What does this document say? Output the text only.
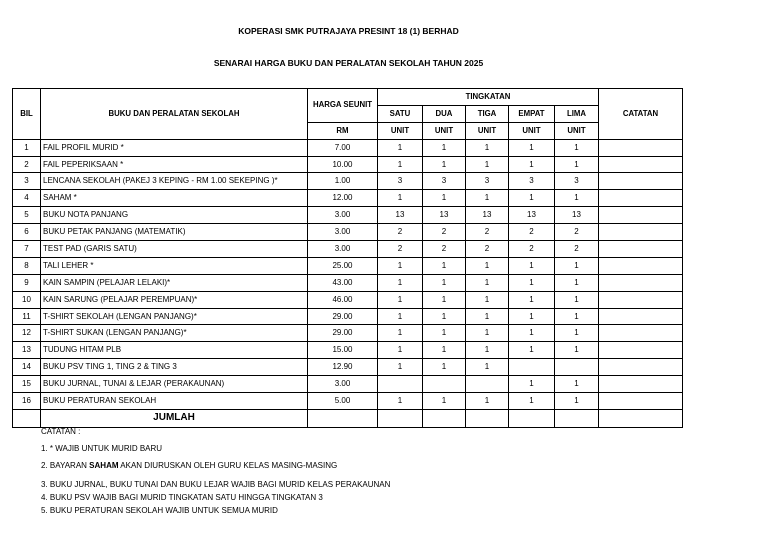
KOPERASI SMK PUTRAJAYA PRESINT 18 (1) BERHAD
SENARAI HARGA BUKU DAN PERALATAN SEKOLAH TAHUN 2025
BIL	BUKU DAN PERALATAN SEKOLAH	HARGA SEUNIT	TINGKATAN					CATATAN
			SATU	DUA	TIGA	EMPAT	LIMA	
		RM	UNIT	UNIT	UNIT	UNIT	UNIT	
1	FAIL PROFIL MURID *	7.00	1	1	1	1	1	
2	FAIL PEPERIKSAAN *	10.00	1	1	1	1	1	
3	LENCANA SEKOLAH (PAKEJ 3 KEPING - RM 1.00 SEKEPING )*	1.00	3	3	3	3	3	
4	SAHAM *	12.00	1	1	1	1	1	
5	BUKU NOTA PANJANG	3.00	13	13	13	13	13	
6	BUKU PETAK PANJANG (MATEMATIK)	3.00	2	2	2	2	2	
7	TEST PAD (GARIS SATU)	3.00	2	2	2	2	2	
8	TALI LEHER *	25.00	1	1	1	1	1	
9	KAIN SAMPIN (PELAJAR LELAKI)*	43.00	1	1	1	1	1	
10	KAIN SARUNG (PELAJAR PEREMPUAN)*	46.00	1	1	1	1	1	
11	T-SHIRT SEKOLAH (LENGAN PANJANG)*	29.00	1	1	1	1	1	
12	T-SHIRT SUKAN (LENGAN PANJANG)*	29.00	1	1	1	1	1	
13	TUDUNG HITAM PLB	15.00	1	1	1	1	1	
14	BUKU PSV TING 1, TING 2 & TING 3	12.90	1	1	1			
15	BUKU JURNAL, TUNAI & LEJAR (PERAKAUNAN)	3.00				1	1	
16	BUKU PERATURAN SEKOLAH	5.00	1	1	1	1	1	
	JUMLAH							
CATATAN :
1. * WAJIB UNTUK MURID BARU
2. BAYARAN SAHAM AKAN DIURUSKAN OLEH GURU KELAS MASING-MASING
3. BUKU JURNAL, BUKU TUNAI DAN BUKU LEJAR WAJIB BAGI MURID KELAS PERAKAUNAN
4. BUKU PSV WAJIB BAGI MURID TINGKATAN SATU HINGGA TINGKATAN 3
5. BUKU PERATURAN SEKOLAH WAJIB UNTUK SEMUA MURID
